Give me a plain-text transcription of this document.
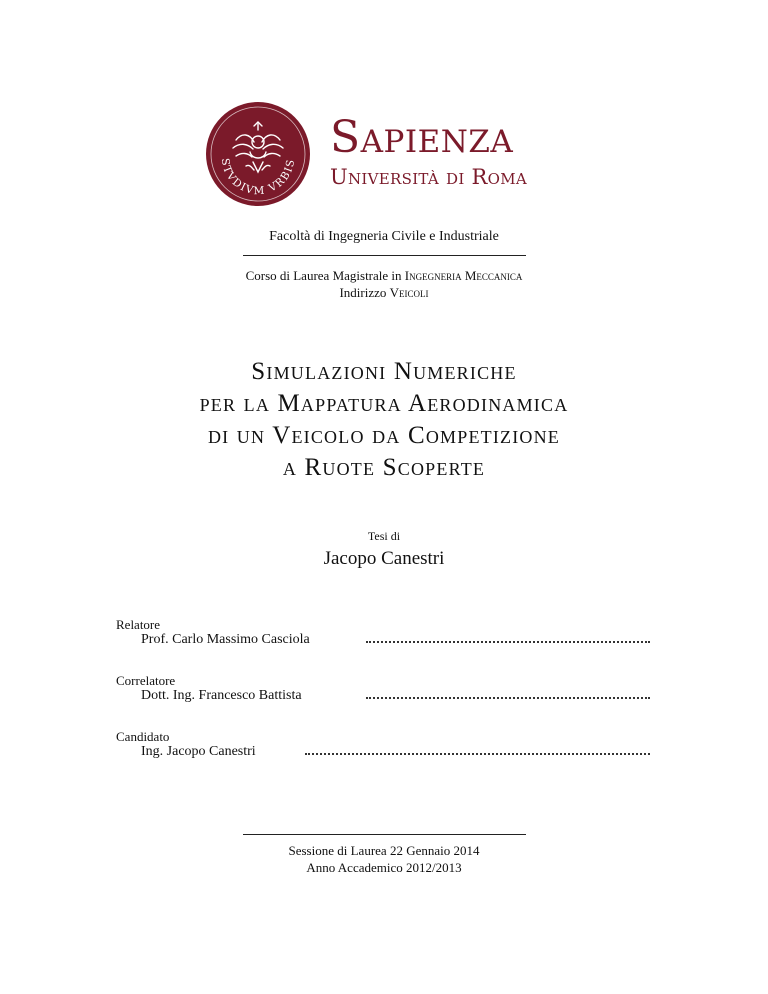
STVDIVM VRBIS Sapienza
Università di Roma
Facoltà di Ingegneria Civile e Industriale
Corso di Laurea Magistrale in Ingegneria Meccanica
Indirizzo Veicoli
Simulazioni Numeriche
per la Mappatura Aerodinamica
di un Veicolo da Competizione
a Ruote Scoperte
Tesi di
Jacopo Canestri
Relatore
Prof. Carlo Massimo Casciola
Correlatore
Dott. Ing. Francesco Battista
Candidato
Ing. Jacopo Canestri
Sessione di Laurea 22 Gennaio 2014
Anno Accademico 2012/2013
